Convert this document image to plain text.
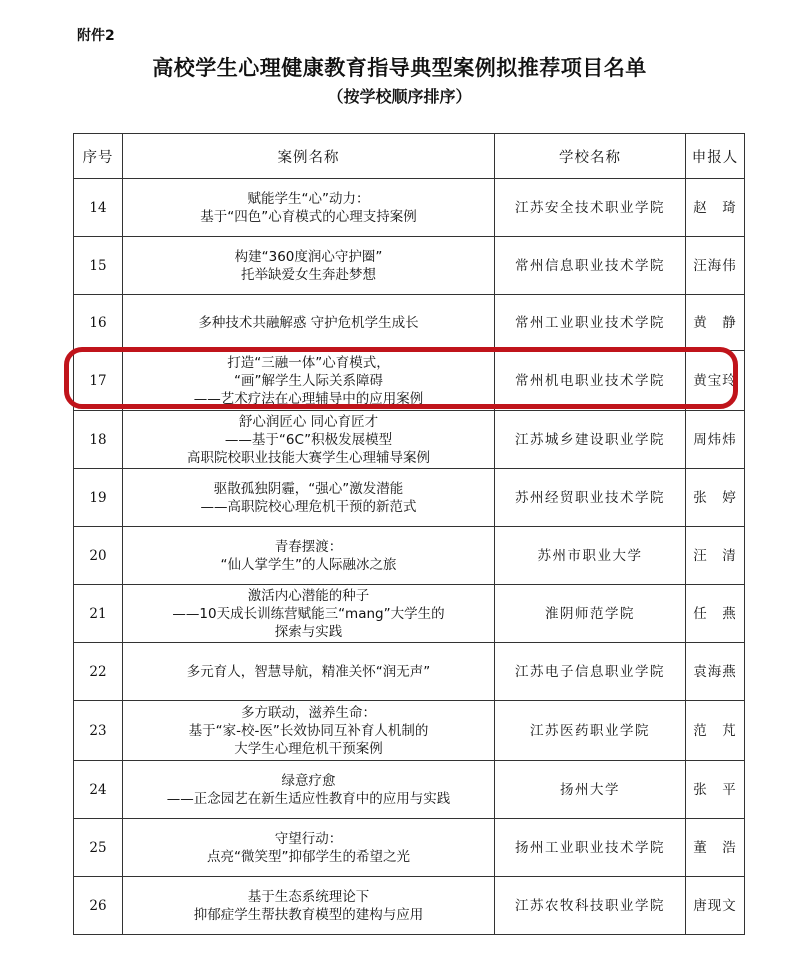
附件2
高校学生心理健康教育指导典型案例拟推荐项目名单
（按学校顺序排序）
序号	案例名称	学校名称	申报人
14	赋能学生“心”动力：
基于“四色”心育模式的心理支持案例	江苏安全技术职业学院	赵　琦
15	构建“360度润心守护圈”
托举缺爱女生奔赴梦想	常州信息职业技术学院	汪海伟
16	多种技术共融解惑 守护危机学生成长	常州工业职业技术学院	黄　静
17	打造“三融一体”心育模式，
“画”解学生人际关系障碍
——艺术疗法在心理辅导中的应用案例	常州机电职业技术学院	黄宝玲
18	舒心润匠心 同心育匠才
——基于“6C”积极发展模型
高职院校职业技能大赛学生心理辅导案例	江苏城乡建设职业学院	周炜炜
19	驱散孤独阴霾，“强心”激发潜能
——高职院校心理危机干预的新范式	苏州经贸职业技术学院	张　婷
20	青春摆渡：
“仙人掌学生”的人际融冰之旅	苏州市职业大学	汪　清
21	激活内心潜能的种子
——10天成长训练营赋能三“mang”大学生的
探索与实践	淮阴师范学院	任　燕
22	多元育人，智慧导航，精准关怀“润无声”	江苏电子信息职业学院	袁海燕
23	多方联动，滋养生命：
基于“家-校-医”长效协同互补育人机制的
大学生心理危机干预案例	江苏医药职业学院	范　芃
24	绿意疗愈
——正念园艺在新生适应性教育中的应用与实践	扬州大学	张　平
25	守望行动：
点亮“微笑型”抑郁学生的希望之光	扬州工业职业技术学院	董　浩
26	基于生态系统理论下
抑郁症学生帮扶教育模型的建构与应用	江苏农牧科技职业学院	唐现文
